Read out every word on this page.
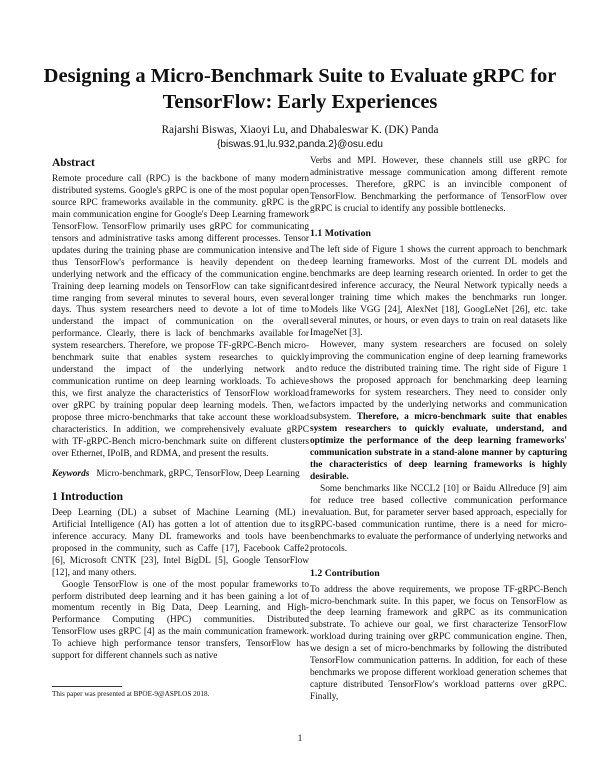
Designing a Micro-Benchmark Suite to Evaluate gRPC for TensorFlow: Early Experiences
Rajarshi Biswas, Xiaoyi Lu, and Dhabaleswar K. (DK) Panda
{biswas.91,lu.932,panda.2}@osu.edu
Abstract

Remote procedure call (RPC) is the backbone of many modern distributed systems. Google's gRPC is one of the most popular open source RPC frameworks available in the community. gRPC is the main communication engine for Google's Deep Learning framework TensorFlow. TensorFlow primarily uses gRPC for communicating tensors and administrative tasks among different processes. Tensor updates during the training phase are communication intensive and thus TensorFlow's performance is heavily dependent on the underlying network and the efficacy of the communication engine. Training deep learning models on TensorFlow can take significant time ranging from several minutes to several hours, even several days. Thus system researchers need to devote a lot of time to understand the impact of communication on the overall performance. Clearly, there is lack of benchmarks available for system researchers. Therefore, we propose TF-gRPC-Bench micro-benchmark suite that enables system researches to quickly understand the impact of the underlying network and communication runtime on deep learning workloads. To achieve this, we first analyze the characteristics of TensorFlow workload over gRPC by training popular deep learning models. Then, we propose three micro-benchmarks that take account these workload characteristics. In addition, we comprehensively evaluate gRPC with TF-gRPC-Bench micro-benchmark suite on different clusters over Ethernet, IPoIB, and RDMA, and present the results.

Keywords Micro-benchmark, gRPC, TensorFlow, Deep Learning

1 Introduction

Deep Learning (DL) a subset of Machine Learning (ML) in Artificial Intelligence (AI) has gotten a lot of attention due to its inference accuracy. Many DL frameworks and tools have been proposed in the community, such as Caffe [17], Facebook Caffe2 [6], Microsoft CNTK [23], Intel BigDL [5], Google TensorFlow [12], and many others.

Google TensorFlow is one of the most popular frameworks to perform distributed deep learning and it has been gaining a lot of momentum recently in Big Data, Deep Learning, and High-Performance Computing (HPC) communities. Distributed TensorFlow uses gRPC [4] as the main communication framework. To achieve high performance tensor transfers, TensorFlow has support for different channels such as native

Verbs and MPI. However, these channels still use gRPC for administrative message communication among different remote processes. Therefore, gRPC is an invincible component of TensorFlow. Benchmarking the performance of TensorFlow over gRPC is crucial to identify any possible bottlenecks.

1.1 Motivation

The left side of Figure 1 shows the current approach to benchmark deep learning frameworks. Most of the current DL models and benchmarks are deep learning research oriented. In order to get the desired inference accuracy, the Neural Network typically needs a longer training time which makes the benchmarks run longer. Models like VGG [24], AlexNet [18], GoogLeNet [26], etc. take several minutes, or hours, or even days to train on real datasets like ImageNet [3].

However, many system researchers are focused on solely improving the communication engine of deep learning frameworks to reduce the distributed training time. The right side of Figure 1 shows the proposed approach for benchmarking deep learning frameworks for system researchers. They need to consider only factors impacted by the underlying networks and communication subsystem. Therefore, a micro-benchmark suite that enables system researchers to quickly evaluate, understand, and optimize the performance of the deep learning frameworks' communication substrate in a stand-alone manner by capturing the characteristics of deep learning frameworks is highly desirable.

Some benchmarks like NCCL2 [10] or Baidu Allreduce [9] aim for reduce tree based collective communication performance evaluation. But, for parameter server based approach, especially for gRPC-based communication runtime, there is a need for micro-benchmarks to evaluate the performance of underlying networks and protocols.

1.2 Contribution

To address the above requirements, we propose TF-gRPC-Bench micro-benchmark suite. In this paper, we focus on TensorFlow as the deep learning framework and gRPC as its communication substrate. To achieve our goal, we first characterize TensorFlow workload during training over gRPC communication engine. Then, we design a set of micro-benchmarks by following the distributed TensorFlow communication patterns. In addition, for each of these benchmarks we propose different workload generation schemes that capture distributed TensorFlow's workload patterns over gRPC. Finally,

This paper was presented at BPOE-9@ASPLOS 2018.
1
